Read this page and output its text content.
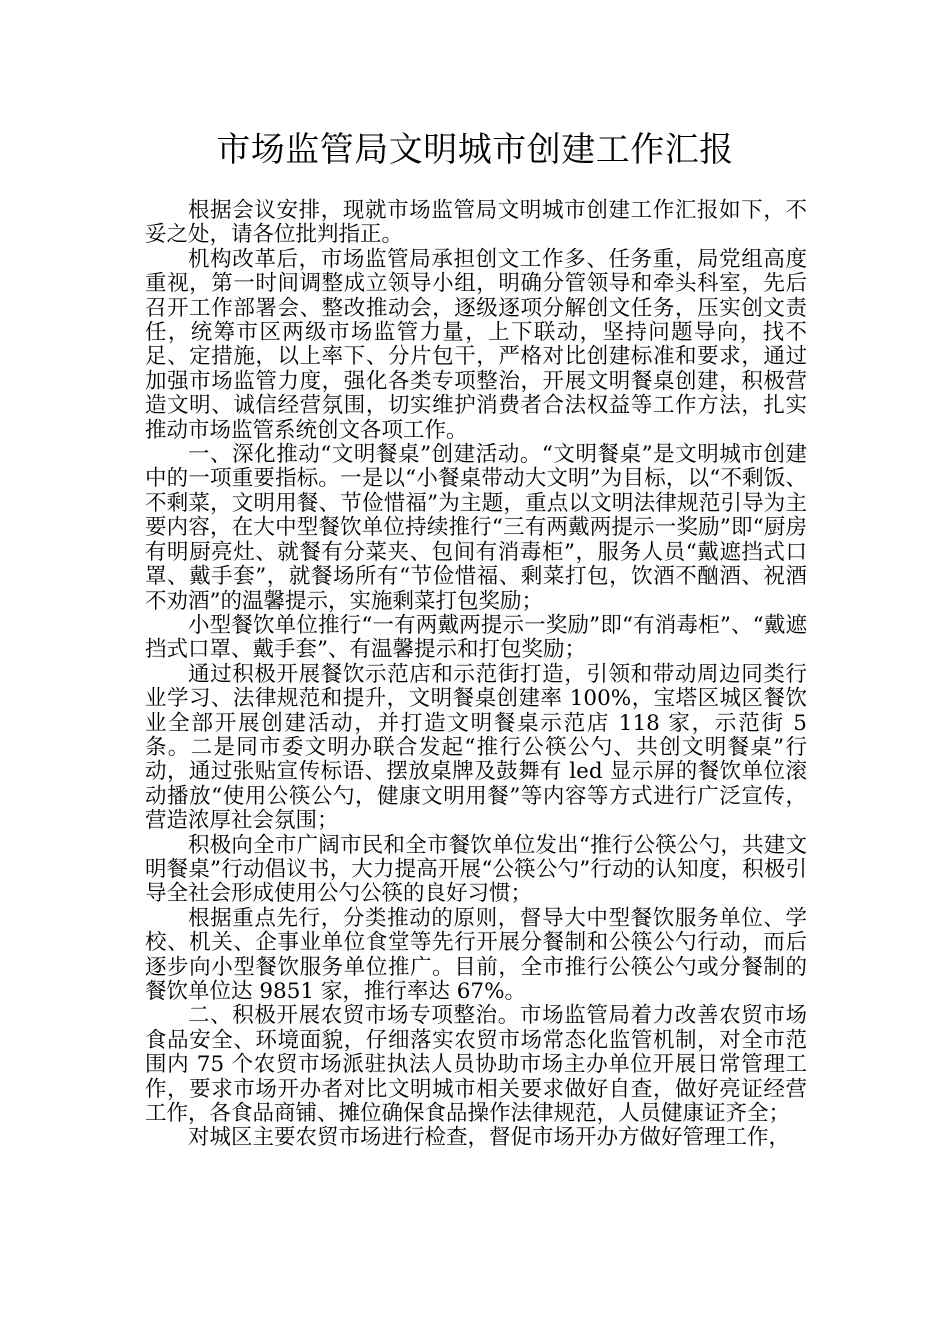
市场监管局文明城市创建工作汇报

根据会议安排，现就市场监管局文明城市创建工作汇报如下，不妥之处，请各位批判指正。

机构改革后，市场监管局承担创文工作多、任务重，局党组高度重视，第一时间调整成立领导小组，明确分管领导和牵头科室，先后召开工作部署会、整改推动会，逐级逐项分解创文任务，压实创文责任，统筹市区两级市场监管力量，上下联动，坚持问题导向，找不足、定措施，以上率下、分片包干，严格对比创建标准和要求，通过加强市场监管力度，强化各类专项整治，开展文明餐桌创建，积极营造文明、诚信经营氛围，切实维护消费者合法权益等工作方法，扎实推动市场监管系统创文各项工作。

一、深化推动“文明餐桌”创建活动。“文明餐桌”是文明城市创建中的一项重要指标。一是以“小餐桌带动大文明”为目标，以“不剩饭、不剩菜，文明用餐、节俭惜福”为主题，重点以文明法律规范引导为主要内容，在大中型餐饮单位持续推行“三有两戴两提示一奖励”即“厨房有明厨亮灶、就餐有分菜夹、包间有消毒柜”，服务人员“戴遮挡式口罩、戴手套”，就餐场所有“节俭惜福、剩菜打包，饮酒不酗酒、祝酒不劝酒”的温馨提示，实施剩菜打包奖励；

小型餐饮单位推行“一有两戴两提示一奖励”即“有消毒柜”、“戴遮挡式口罩、戴手套”、有温馨提示和打包奖励；

通过积极开展餐饮示范店和示范街打造，引领和带动周边同类行业学习、法律规范和提升，文明餐桌创建率 100%，宝塔区城区餐饮业全部开展创建活动，并打造文明餐桌示范店 118 家，示范街 5 条。二是同市委文明办联合发起“推行公筷公勺、共创文明餐桌”行动，通过张贴宣传标语、摆放桌牌及鼓舞有 led 显示屏的餐饮单位滚动播放“使用公筷公勺，健康文明用餐”等内容等方式进行广泛宣传，营造浓厚社会氛围；

积极向全市广阔市民和全市餐饮单位发出“推行公筷公勺，共建文明餐桌”行动倡议书，大力提高开展“公筷公勺”行动的认知度，积极引导全社会形成使用公勺公筷的良好习惯；

根据重点先行，分类推动的原则，督导大中型餐饮服务单位、学校、机关、企事业单位食堂等先行开展分餐制和公筷公勺行动，而后逐步向小型餐饮服务单位推广。目前，全市推行公筷公勺或分餐制的餐饮单位达 9851 家，推行率达 67%。

二、积极开展农贸市场专项整治。市场监管局着力改善农贸市场食品安全、环境面貌，仔细落实农贸市场常态化监管机制，对全市范围内 75 个农贸市场派驻执法人员协助市场主办单位开展日常管理工作，要求市场开办者对比文明城市相关要求做好自查，做好亮证经营工作，各食品商铺、摊位确保食品操作法律规范，人员健康证齐全；

对城区主要农贸市场进行检查，督促市场开办方做好管理工作，
